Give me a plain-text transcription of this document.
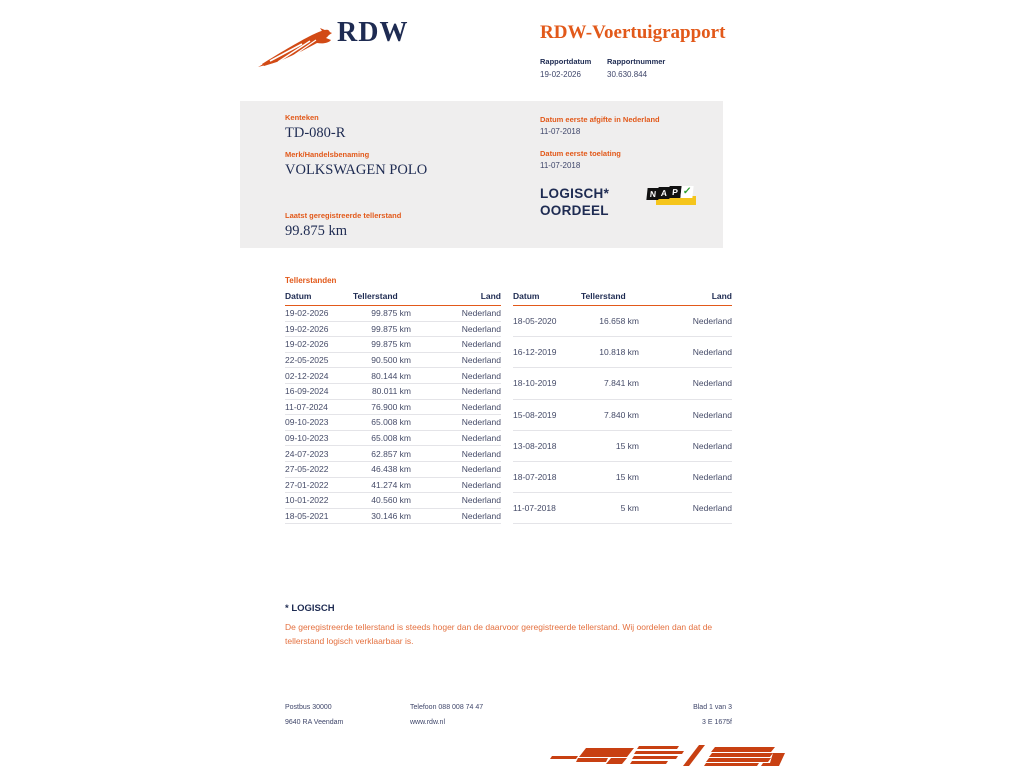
RDW	RDW-Voertuigrapport
Rapportdatum
19-02-2026
Rapportnummer
30.630.844
Kenteken
TD-080-R
Merk/Handelsbenaming
VOLKSWAGEN POLO
Laatst geregistreerde tellerstand
99.875 km
Datum eerste afgifte in Nederland
11-07-2018
Datum eerste toelating
11-07-2018
LOGISCH*
OORDEEL
N A P ✓
Tellerstanden
Datum	Tellerstand	Land
19-02-2026	99.875 km	Nederland
19-02-2026	99.875 km	Nederland
19-02-2026	99.875 km	Nederland
22-05-2025	90.500 km	Nederland
02-12-2024	80.144 km	Nederland
16-09-2024	80.011 km	Nederland
11-07-2024	76.900 km	Nederland
09-10-2023	65.008 km	Nederland
09-10-2023	65.008 km	Nederland
24-07-2023	62.857 km	Nederland
27-05-2022	46.438 km	Nederland
27-01-2022	41.274 km	Nederland
10-01-2022	40.560 km	Nederland
18-05-2021	30.146 km	Nederland
Datum	Tellerstand	Land
18-05-2020	16.658 km	Nederland
16-12-2019	10.818 km	Nederland
18-10-2019	7.841 km	Nederland
15-08-2019	7.840 km	Nederland
13-08-2018	15 km	Nederland
18-07-2018	15 km	Nederland
11-07-2018	5 km	Nederland
* LOGISCH
De geregistreerde tellerstand is steeds hoger dan de daarvoor geregistreerde tellerstand. Wij oordelen dan dat de tellerstand logisch verklaarbaar is.
Postbus 30000
9640 RA Veendam
Telefoon 088 008 74 47
www.rdw.nl
Blad 1 van 3
3 E 1675f
